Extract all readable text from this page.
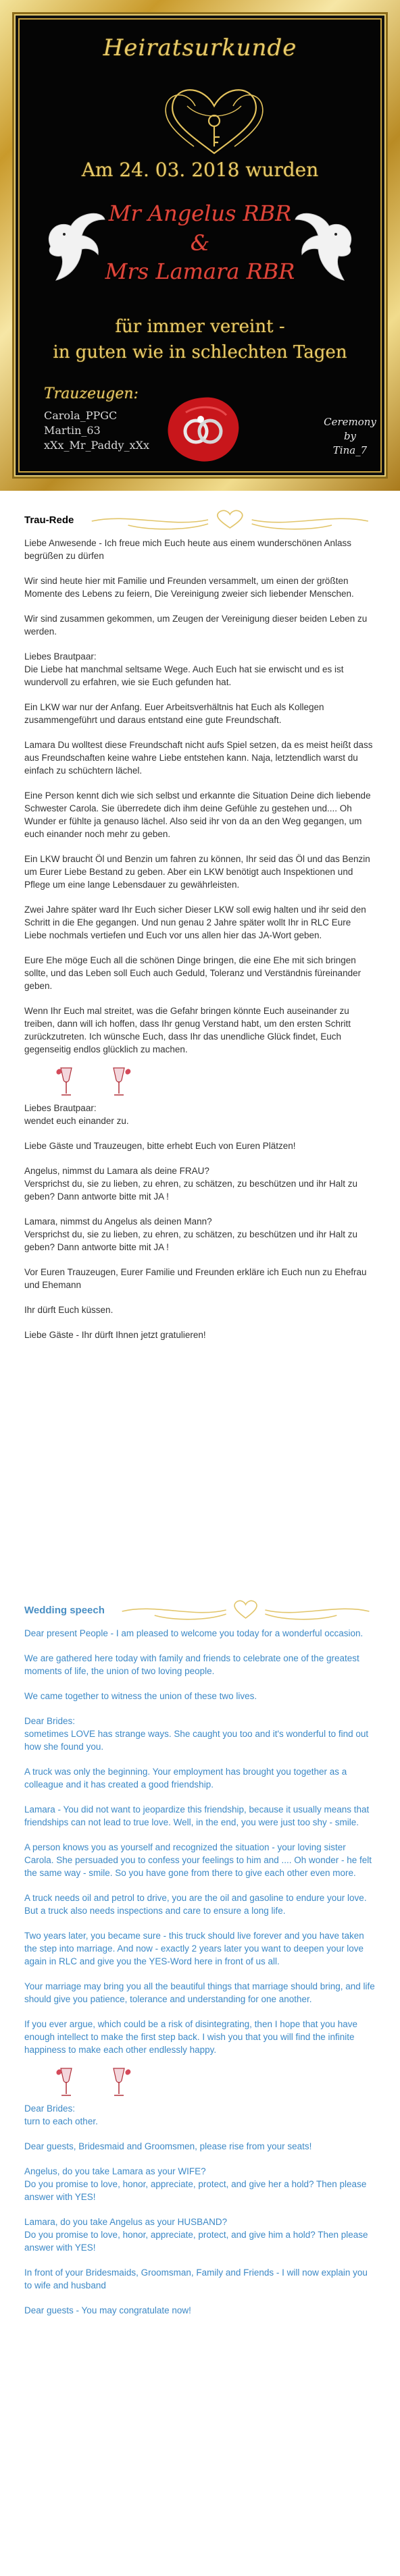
Heiratsurkunde
Am 24. 03. 2018 wurden
Mr Angelus RBR
&
Mrs Lamara RBR
für immer vereint -
in guten wie in schlechten Tagen
Trauzeugen:
Carola_PPGC
Martin_63
xXx_Mr_Paddy_xXx
Ceremony
by
Tina_7
Trau-Rede
Liebe Anwesende - Ich freue mich Euch heute aus einem wunderschönen Anlass begrüßen zu dürfen
Wir sind heute hier mit Familie und Freunden versammelt, um einen der größten Momente des Lebens zu feiern, Die Vereinigung zweier sich liebender Menschen.
Wir sind zusammen gekommen, um Zeugen der Vereinigung dieser beiden Leben zu werden.
Liebes Brautpaar:
Die Liebe hat manchmal seltsame Wege. Auch Euch hat sie erwischt und es ist wundervoll zu erfahren, wie sie Euch gefunden hat.
Ein LKW war nur der Anfang. Euer Arbeitsverhältnis hat Euch als Kollegen zusammengeführt und daraus entstand eine gute Freundschaft.
Lamara Du wolltest diese Freundschaft nicht aufs Spiel setzen, da es meist heißt dass aus Freundschaften keine wahre Liebe entstehen kann. Naja, letztendlich warst du einfach zu schüchtern lächel.
Eine Person kennt dich wie sich selbst und erkannte die Situation Deine dich liebende Schwester Carola. Sie überredete dich ihm deine Gefühle zu gestehen und.... Oh Wunder er fühlte ja genauso lächel. Also seid ihr von da an den Weg gegangen, um euch einander noch mehr zu geben.
Ein LKW braucht Öl und Benzin um fahren zu können, Ihr seid das Öl und das Benzin um Eurer Liebe Bestand zu geben. Aber ein LKW benötigt auch Inspektionen und Pflege um eine lange Lebensdauer zu gewährleisten.
Zwei Jahre später ward Ihr Euch sicher Dieser LKW soll ewig halten und ihr seid den Schritt in die Ehe gegangen. Und nun genau 2 Jahre später wollt Ihr in RLC Eure Liebe nochmals vertiefen und Euch vor uns allen hier das JA-Wort geben.
Eure Ehe möge Euch all die schönen Dinge bringen, die eine Ehe mit sich bringen sollte, und das Leben soll Euch auch Geduld, Toleranz und Verständnis füreinander geben.
Wenn Ihr Euch mal streitet, was die Gefahr bringen könnte Euch auseinander zu treiben, dann will ich hoffen, dass Ihr genug Verstand habt, um den ersten Schritt zurückzutreten. Ich wünsche Euch, dass Ihr das unendliche Glück findet, Euch gegenseitig endlos glücklich zu machen.
Liebes Brautpaar:
wendet euch einander zu.
Liebe Gäste und Trauzeugen, bitte erhebt Euch von Euren Plätzen!
Angelus, nimmst du Lamara als deine FRAU?
Versprichst du, sie zu lieben, zu ehren, zu schätzen, zu beschützen und ihr Halt zu geben? Dann antworte bitte mit JA !
Lamara, nimmst du Angelus als deinen Mann?
Versprichst du, sie zu lieben, zu ehren, zu schätzen, zu beschützen und ihr Halt zu geben? Dann antworte bitte mit JA !
Vor Euren Trauzeugen, Eurer Familie und Freunden erkläre ich Euch nun zu Ehefrau und Ehemann
Ihr dürft Euch küssen.
Liebe Gäste - Ihr dürft Ihnen jetzt gratulieren!
Wedding speech
Dear present People - I am pleased to welcome you today for a wonderful occasion.
We are gathered here today with family and friends to celebrate one of the greatest moments of life, the union of two loving people.
We came together to witness the union of these two lives.
Dear Brides:
sometimes LOVE has strange ways. She caught you too and it's wonderful to find out how she found you.
A truck was only the beginning. Your employment has brought you together as a colleague and it has created a good friendship.
Lamara - You did not want to jeopardize this friendship, because it usually means that friendships can not lead to true love. Well, in the end, you were just too shy - smile.
A person knows you as yourself and recognized the situation - your loving sister Carola. She persuaded you to confess your feelings to him and .... Oh wonder - he felt the same way - smile. So you have gone from there to give each other even more.
A truck needs oil and petrol to drive, you are the oil and gasoline to endure your love. But a truck also needs inspections and care to ensure a long life.
Two years later, you became sure - this truck should live forever and you have taken the step into marriage. And now - exactly 2 years later you want to deepen your love again in RLC and give you the YES-Word here in front of us all.
Your marriage may bring you all the beautiful things that marriage should bring, and life should give you patience, tolerance and understanding for one another.
If you ever argue, which could be a risk of disintegrating, then I hope that you have enough intellect to make the first step back. I wish you that you will find the infinite happiness to make each other endlessly happy.
Dear Brides:
turn to each other.
Dear guests, Bridesmaid and Groomsmen, please rise from your seats!
Angelus, do you take Lamara as your WIFE?
Do you promise to love, honor, appreciate, protect, and give her a hold? Then please answer with YES!
Lamara, do you take Angelus as your HUSBAND?
Do you promise to love, honor, appreciate, protect, and give him a hold? Then please answer with YES!
In front of your Bridesmaids, Groomsman, Family and Friends - I will now explain you to wife and husband
Dear guests - You may congratulate now!
